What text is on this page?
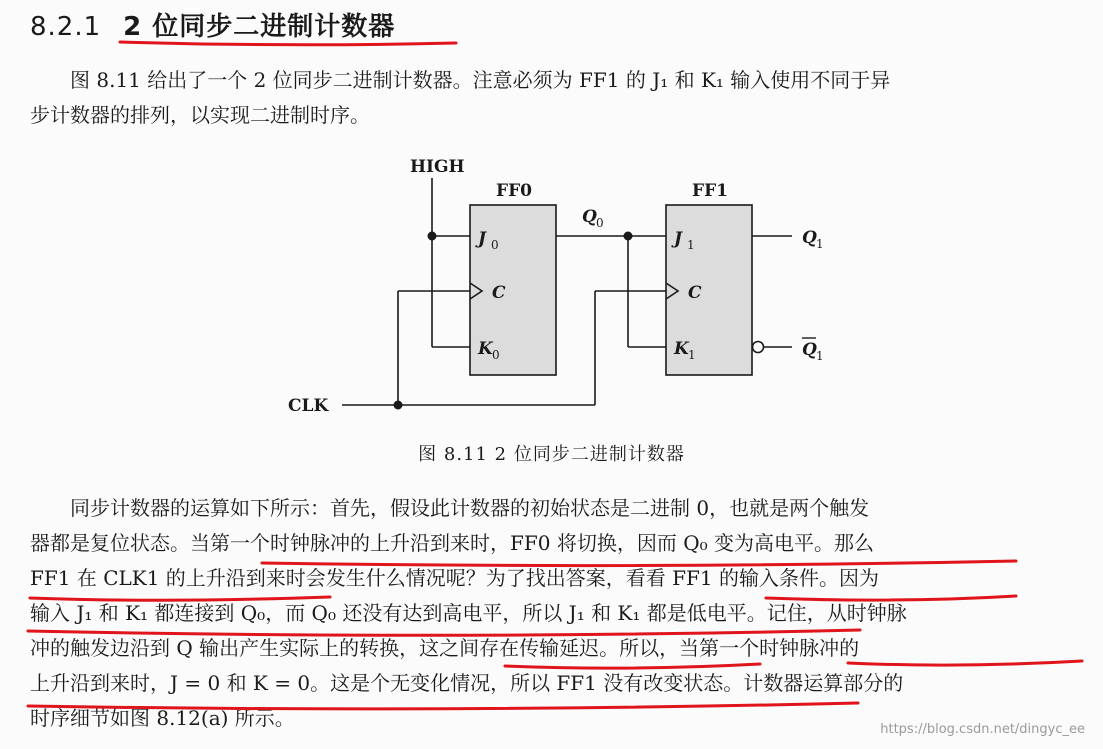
8.2.1 2 位同步二进制计数器
图 8.11 给出了一个 2 位同步二进制计数器。注意必须为 FF1 的 J₁ 和 K₁ 输入使用不同于异
步计数器的排列，以实现二进制时序。
HIGH
FF0	FF1
J 0
C
K 0
J 1
C
K 1
Q 0
Q 1
Q 1
CLK
图 8.11 2 位同步二进制计数器
同步计数器的运算如下所示：首先，假设此计数器的初始状态是二进制 0，也就是两个触发
器都是复位状态。当第一个时钟脉冲的上升沿到来时，FF0 将切换，因而 Q₀ 变为高电平。那么
FF1 在 CLK1 的上升沿到来时会发生什么情况呢？为了找出答案，看看 FF1 的输入条件。因为
输入 J₁ 和 K₁ 都连接到 Q₀，而 Q₀ 还没有达到高电平，所以 J₁ 和 K₁ 都是低电平。记住，从时钟脉
冲的触发边沿到 Q 输出产生实际上的转换，这之间存在传输延迟。所以，当第一个时钟脉冲的
上升沿到来时，J = 0 和 K = 0。这是个无变化情况，所以 FF1 没有改变状态。计数器运算部分的
时序细节如图 8.12(a) 所示。	https://blog.csdn.net/dingyc_ee
